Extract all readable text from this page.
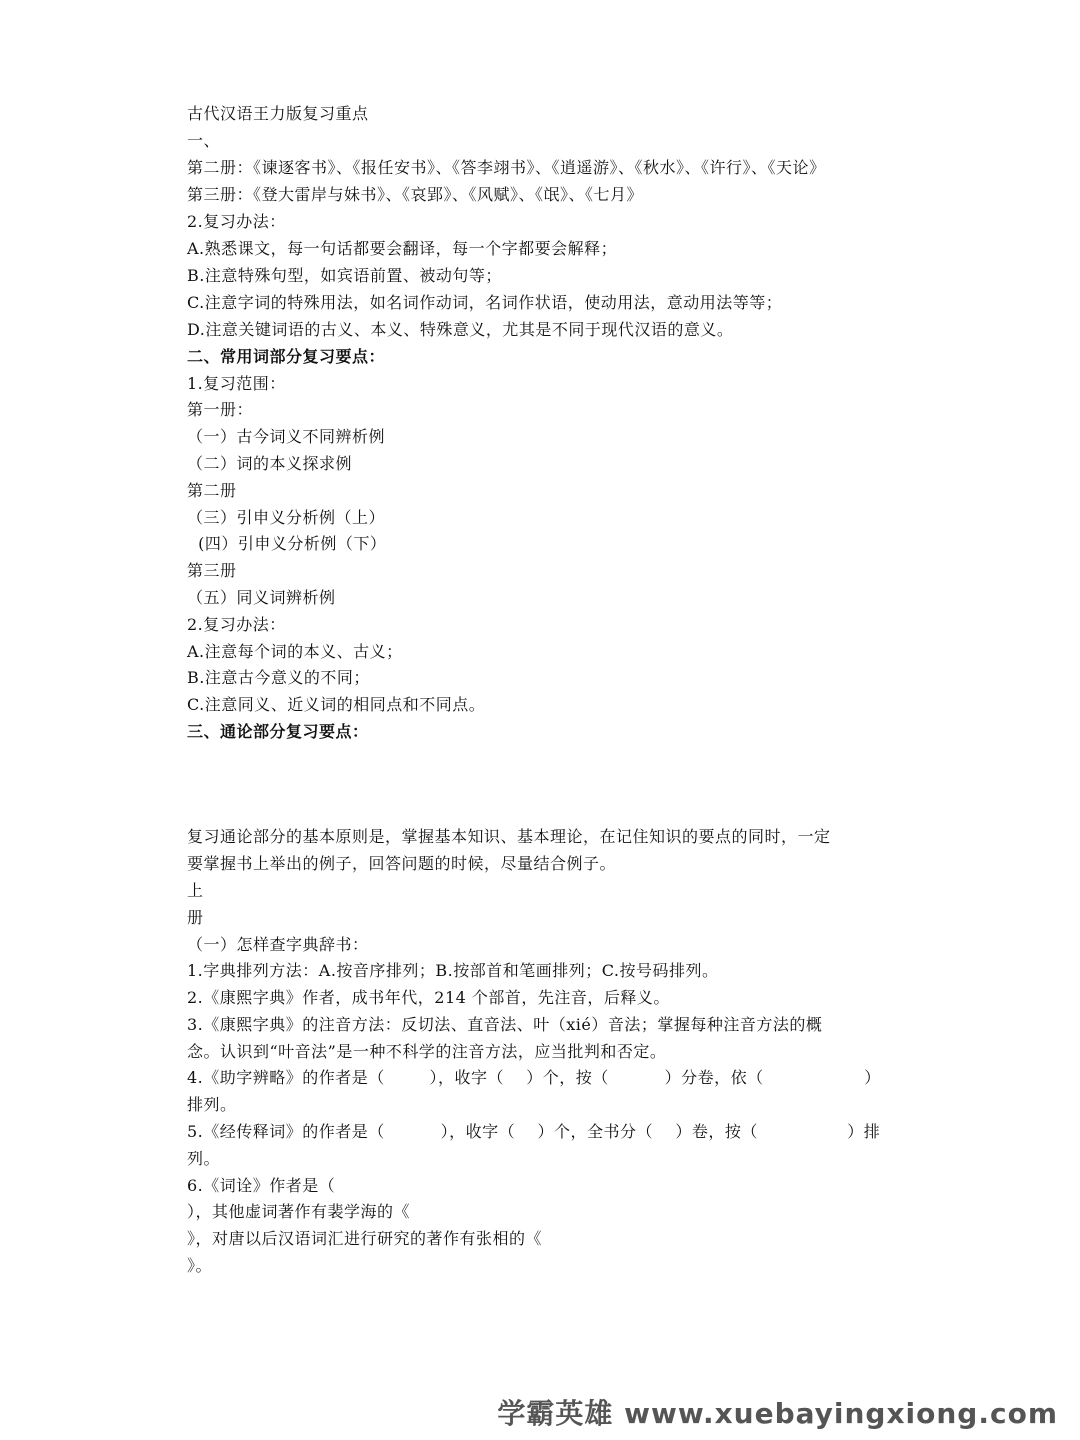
古代汉语王力版复习重点
一、
第二册：《谏逐客书》、《报任安书》、《答李翊书》、《逍遥游》、《秋水》、《许行》、《天论》
第三册：《登大雷岸与妹书》、《哀郢》、《风赋》、《氓》、《七月》
2.复习办法：
A.熟悉课文，每一句话都要会翻译，每一个字都要会解释；
B.注意特殊句型，如宾语前置、被动句等；
C.注意字词的特殊用法，如名词作动词，名词作状语，使动用法，意动用法等等；
D.注意关键词语的古义、本义、特殊意义，尤其是不同于现代汉语的意义。
二、常用词部分复习要点：
1.复习范围：
第一册：
（一）古今词义不同辨析例
（二）词的本义探求例
第二册
（三）引申义分析例（上）
(四）引申义分析例（下）
第三册
（五）同义词辨析例
2.复习办法：
A.注意每个词的本义、古义；
B.注意古今意义的不同；
C.注意同义、近义词的相同点和不同点。
三、通论部分复习要点：
复习通论部分的基本原则是，掌握基本知识、基本理论，在记住知识的要点的同时，一定
要掌握书上举出的例子，回答问题的时候，尽量结合例子。
上
册
（一）怎样查字典辞书：
1.字典排列方法：A.按音序排列；B.按部首和笔画排列；C.按号码排列。
2.《康熙字典》作者，成书年代，214 个部首，先注音，后释义。
3.《康熙字典》的注音方法：反切法、直音法、叶（xié）音法；掌握每种注音方法的概
念。认识到“叶音法”是一种不科学的注音方法，应当批判和否定。
4.《助字辨略》的作者是（        ），收字（    ）个，按（          ）分卷，依（                  ）
排列。
5.《经传释词》的作者是（          ），收字（    ）个，全书分（    ）卷，按（                ）排
列。
6.《词诠》作者是（
），其他虚词著作有裴学海的《
》，对唐以后汉语词汇进行研究的著作有张相的《
》。
学霸英雄 www.xuebayingxiong.com
